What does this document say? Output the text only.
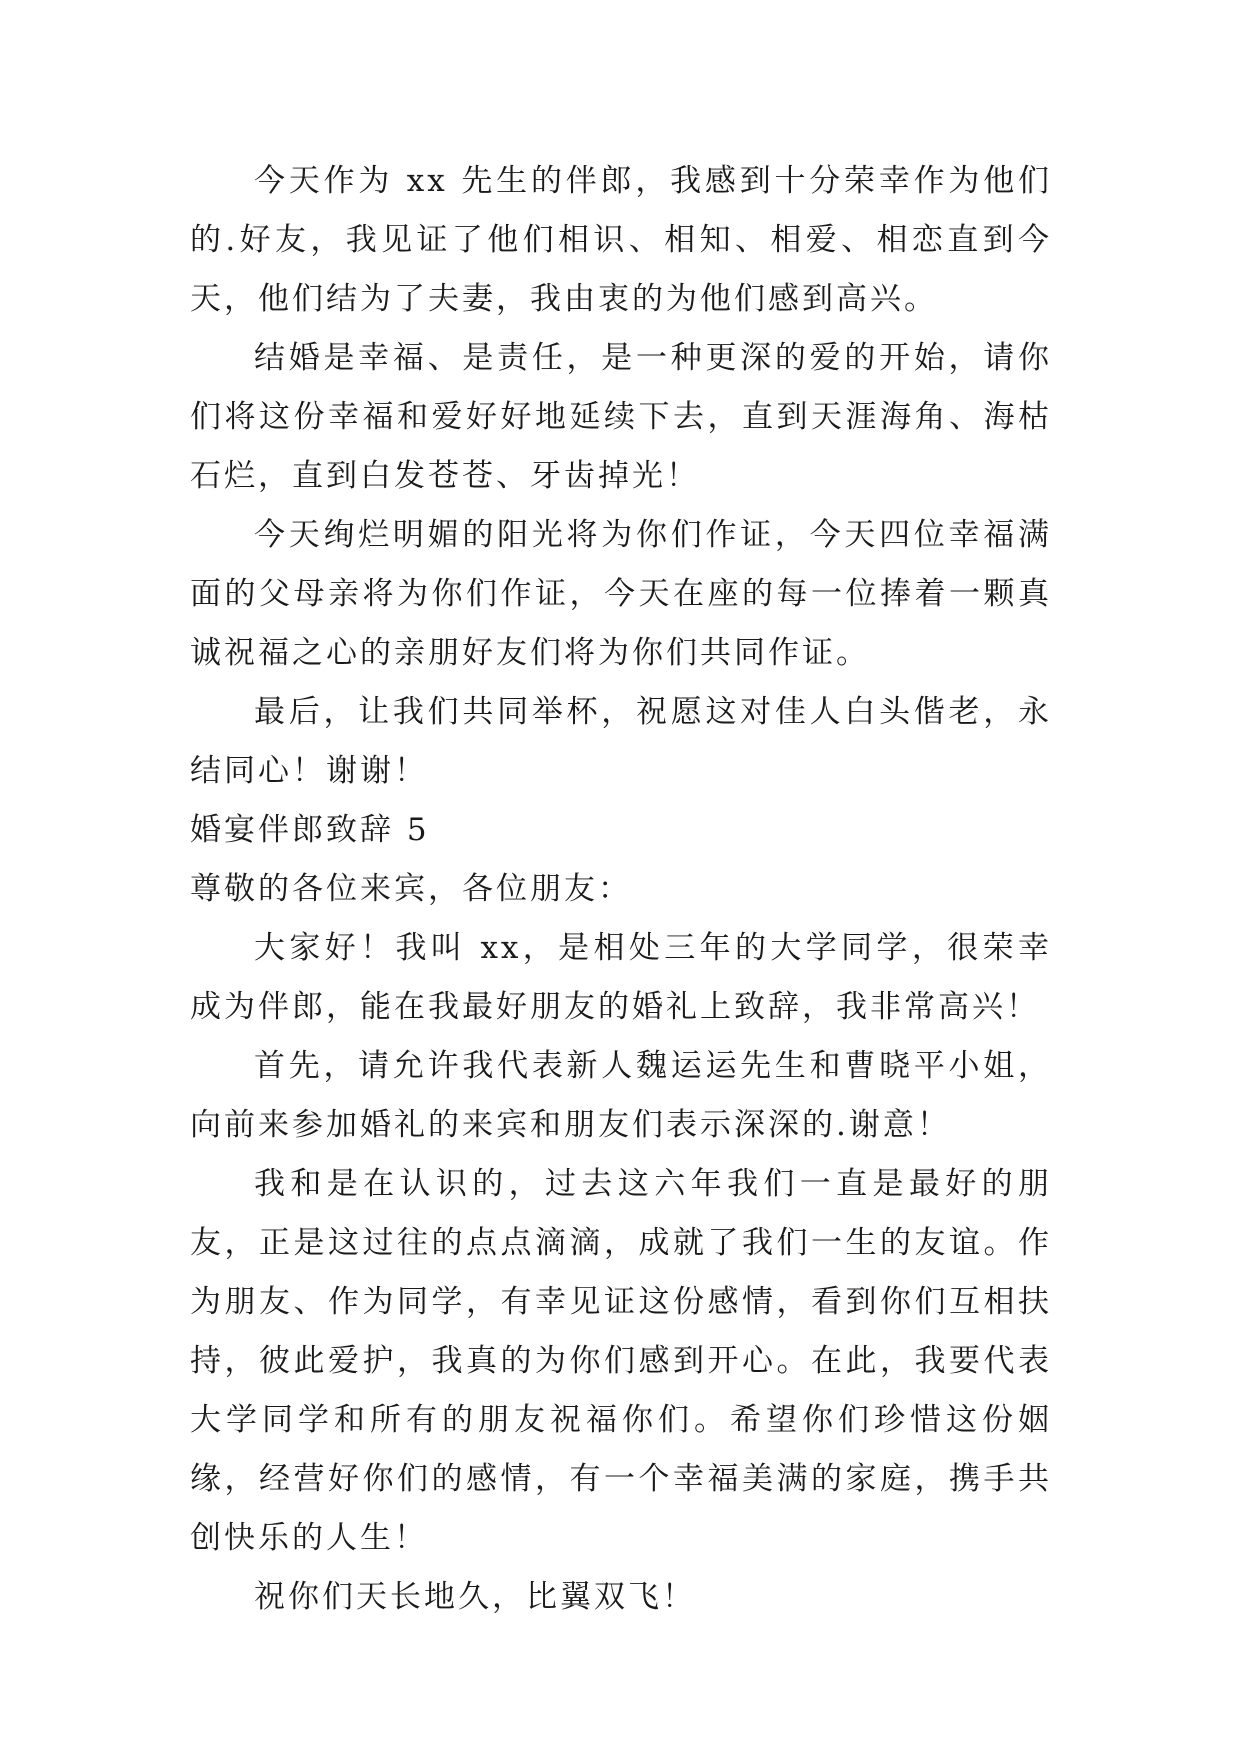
今天作为 xx 先生的伴郎，我感到十分荣幸作为他们的.好友，我见证了他们相识、相知、相爱、相恋直到今天，他们结为了夫妻，我由衷的为他们感到高兴。

结婚是幸福、是责任，是一种更深的爱的开始，请你们将这份幸福和爱好好地延续下去，直到天涯海角、海枯石烂，直到白发苍苍、牙齿掉光！

今天绚烂明媚的阳光将为你们作证，今天四位幸福满面的父母亲将为你们作证，今天在座的每一位捧着一颗真诚祝福之心的亲朋好友们将为你们共同作证。

最后，让我们共同举杯，祝愿这对佳人白头偕老，永结同心！谢谢！

婚宴伴郎致辞 5

尊敬的各位来宾，各位朋友：

大家好！我叫 xx，是相处三年的大学同学，很荣幸成为伴郎，能在我最好朋友的婚礼上致辞，我非常高兴！

首先，请允许我代表新人魏运运先生和曹晓平小姐，向前来参加婚礼的来宾和朋友们表示深深的.谢意！

我和是在认识的，过去这六年我们一直是最好的朋友，正是这过往的点点滴滴，成就了我们一生的友谊。作为朋友、作为同学，有幸见证这份感情，看到你们互相扶持，彼此爱护，我真的为你们感到开心。在此，我要代表大学同学和所有的朋友祝福你们。希望你们珍惜这份姻缘，经营好你们的感情，有一个幸福美满的家庭，携手共创快乐的人生！

祝你们天长地久，比翼双飞！
